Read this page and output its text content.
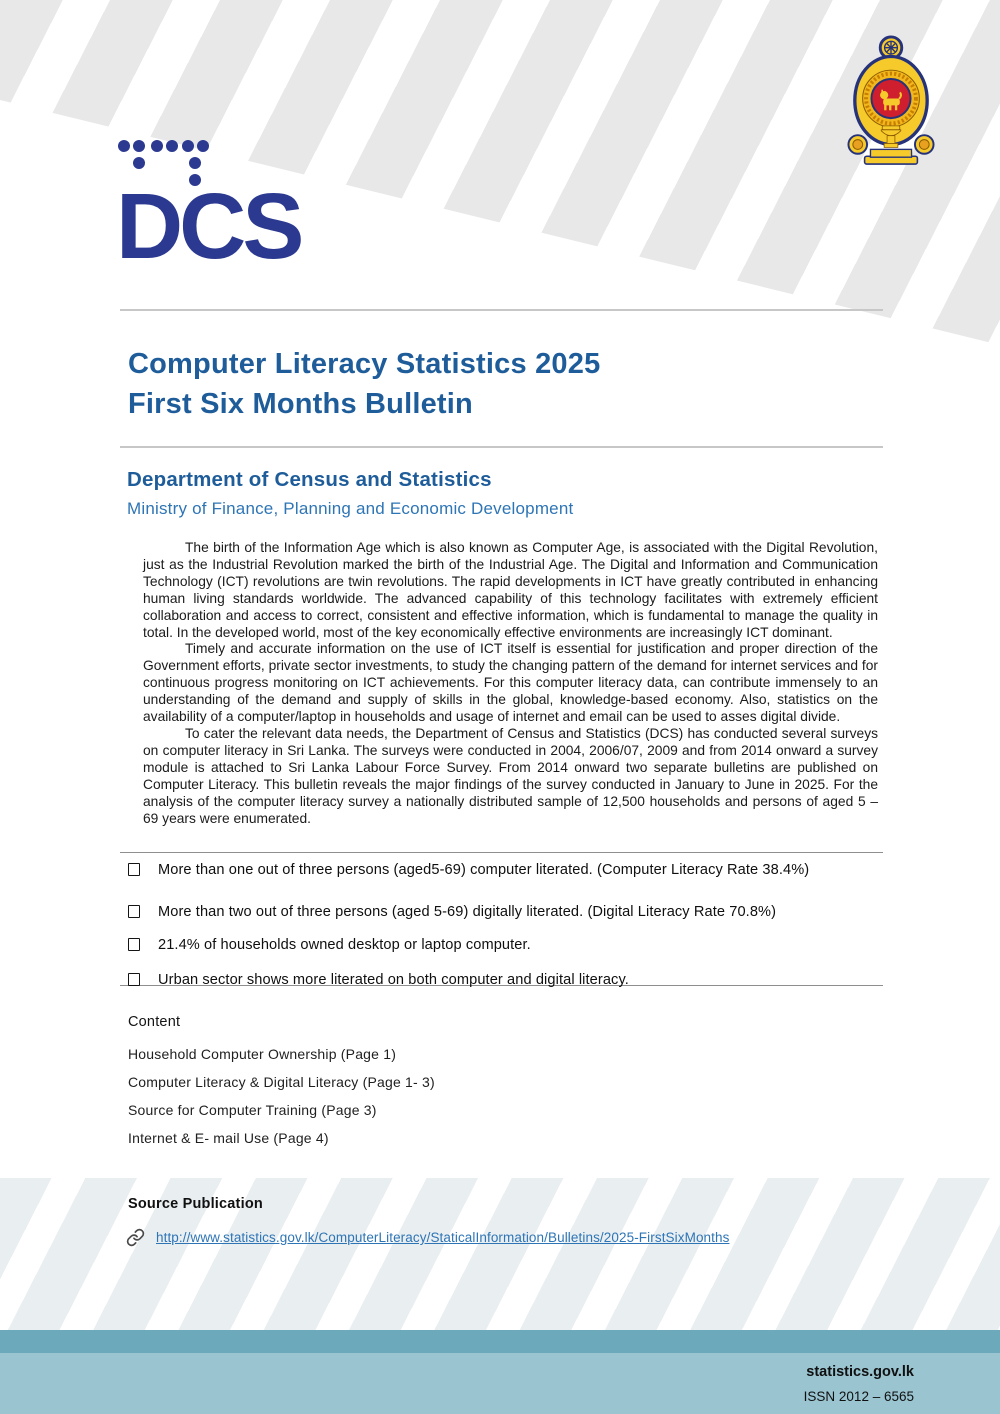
DCS
Computer Literacy Statistics 2025
First Six Months Bulletin
Department of Census and Statistics
Ministry of Finance, Planning and Economic Development

The birth of the Information Age which is also known as Computer Age, is associated with the Digital Revolution, just as the Industrial Revolution marked the birth of the Industrial Age. The Digital and Information and Communication Technology (ICT) revolutions are twin revolutions. The rapid developments in ICT have greatly contributed in enhancing human living standards worldwide. The advanced capability of this technology facilitates with extremely efficient collaboration and access to correct, consistent and effective information, which is fundamental to manage the quality in total. In the developed world, most of the key economically effective environments are increasingly ICT dominant.

Timely and accurate information on the use of ICT itself is essential for justification and proper direction of the Government efforts, private sector investments, to study the changing pattern of the demand for internet services and for continuous progress monitoring on ICT achievements. For this computer literacy data, can contribute immensely to an understanding of the demand and supply of skills in the global, knowledge-based economy. Also, statistics on the availability of a computer/laptop in households and usage of internet and email can be used to asses digital divide.

To cater the relevant data needs, the Department of Census and Statistics (DCS) has conducted several surveys on computer literacy in Sri Lanka. The surveys were conducted in 2004, 2006/07, 2009 and from 2014 onward a survey module is attached to Sri Lanka Labour Force Survey. From 2014 onward two separate bulletins are published on Computer Literacy. This bulletin reveals the major findings of the survey conducted in January to June in 2025. For the analysis of the computer literacy survey a nationally distributed sample of 12,500 households and persons of aged 5 – 69 years were enumerated.

More than one out of three persons (aged5-69) computer literated. (Computer Literacy Rate 38.4%)
More than two out of three persons (aged 5-69) digitally literated. (Digital Literacy Rate 70.8%)
21.4% of households owned desktop or laptop computer.
Urban sector shows more literated on both computer and digital literacy.
Content
Household Computer Ownership (Page 1)
Computer Literacy & Digital Literacy (Page 1- 3)
Source for Computer Training (Page 3)
Internet & E- mail Use (Page 4)
Source Publication
http://www.statistics.gov.lk/ComputerLiteracy/StaticalInformation/Bulletins/2025-FirstSixMonths
statistics.gov.lk
ISSN 2012 – 6565
